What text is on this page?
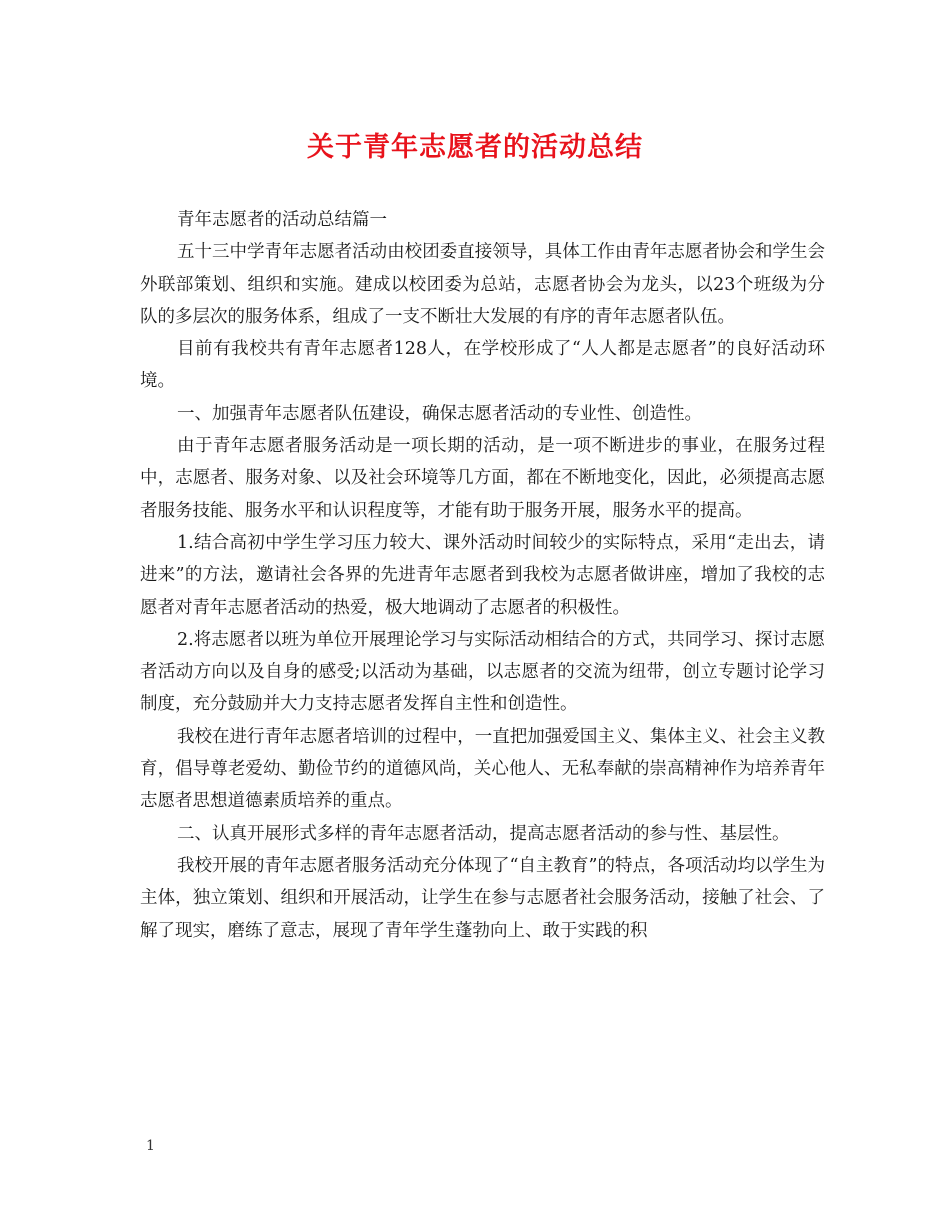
关于青年志愿者的活动总结

青年志愿者的活动总结篇一

五十三中学青年志愿者活动由校团委直接领导，具体工作由青年志愿者协会和学生会外联部策划、组织和实施。建成以校团委为总站，志愿者协会为龙头，以23个班级为分队的多层次的服务体系，组成了一支不断壮大发展的有序的青年志愿者队伍。

目前有我校共有青年志愿者128人，在学校形成了“人人都是志愿者”的良好活动环境。

一、加强青年志愿者队伍建设，确保志愿者活动的专业性、创造性。

由于青年志愿者服务活动是一项长期的活动，是一项不断进步的事业，在服务过程中，志愿者、服务对象、以及社会环境等几方面，都在不断地变化，因此，必须提高志愿者服务技能、服务水平和认识程度等，才能有助于服务开展，服务水平的提高。

1.结合高初中学生学习压力较大、课外活动时间较少的实际特点，采用“走出去，请进来”的方法，邀请社会各界的先进青年志愿者到我校为志愿者做讲座，增加了我校的志愿者对青年志愿者活动的热爱，极大地调动了志愿者的积极性。

2.将志愿者以班为单位开展理论学习与实际活动相结合的方式，共同学习、探讨志愿者活动方向以及自身的感受;以活动为基础，以志愿者的交流为纽带，创立专题讨论学习制度，充分鼓励并大力支持志愿者发挥自主性和创造性。

我校在进行青年志愿者培训的过程中，一直把加强爱国主义、集体主义、社会主义教育，倡导尊老爱幼、勤俭节约的道德风尚，关心他人、无私奉献的崇高精神作为培养青年志愿者思想道德素质培养的重点。

二、认真开展形式多样的青年志愿者活动，提高志愿者活动的参与性、基层性。

我校开展的青年志愿者服务活动充分体现了“自主教育”的特点，各项活动均以学生为主体，独立策划、组织和开展活动，让学生在参与志愿者社会服务活动，接触了社会、了解了现实，磨练了意志，展现了青年学生蓬勃向上、敢于实践的积

1
